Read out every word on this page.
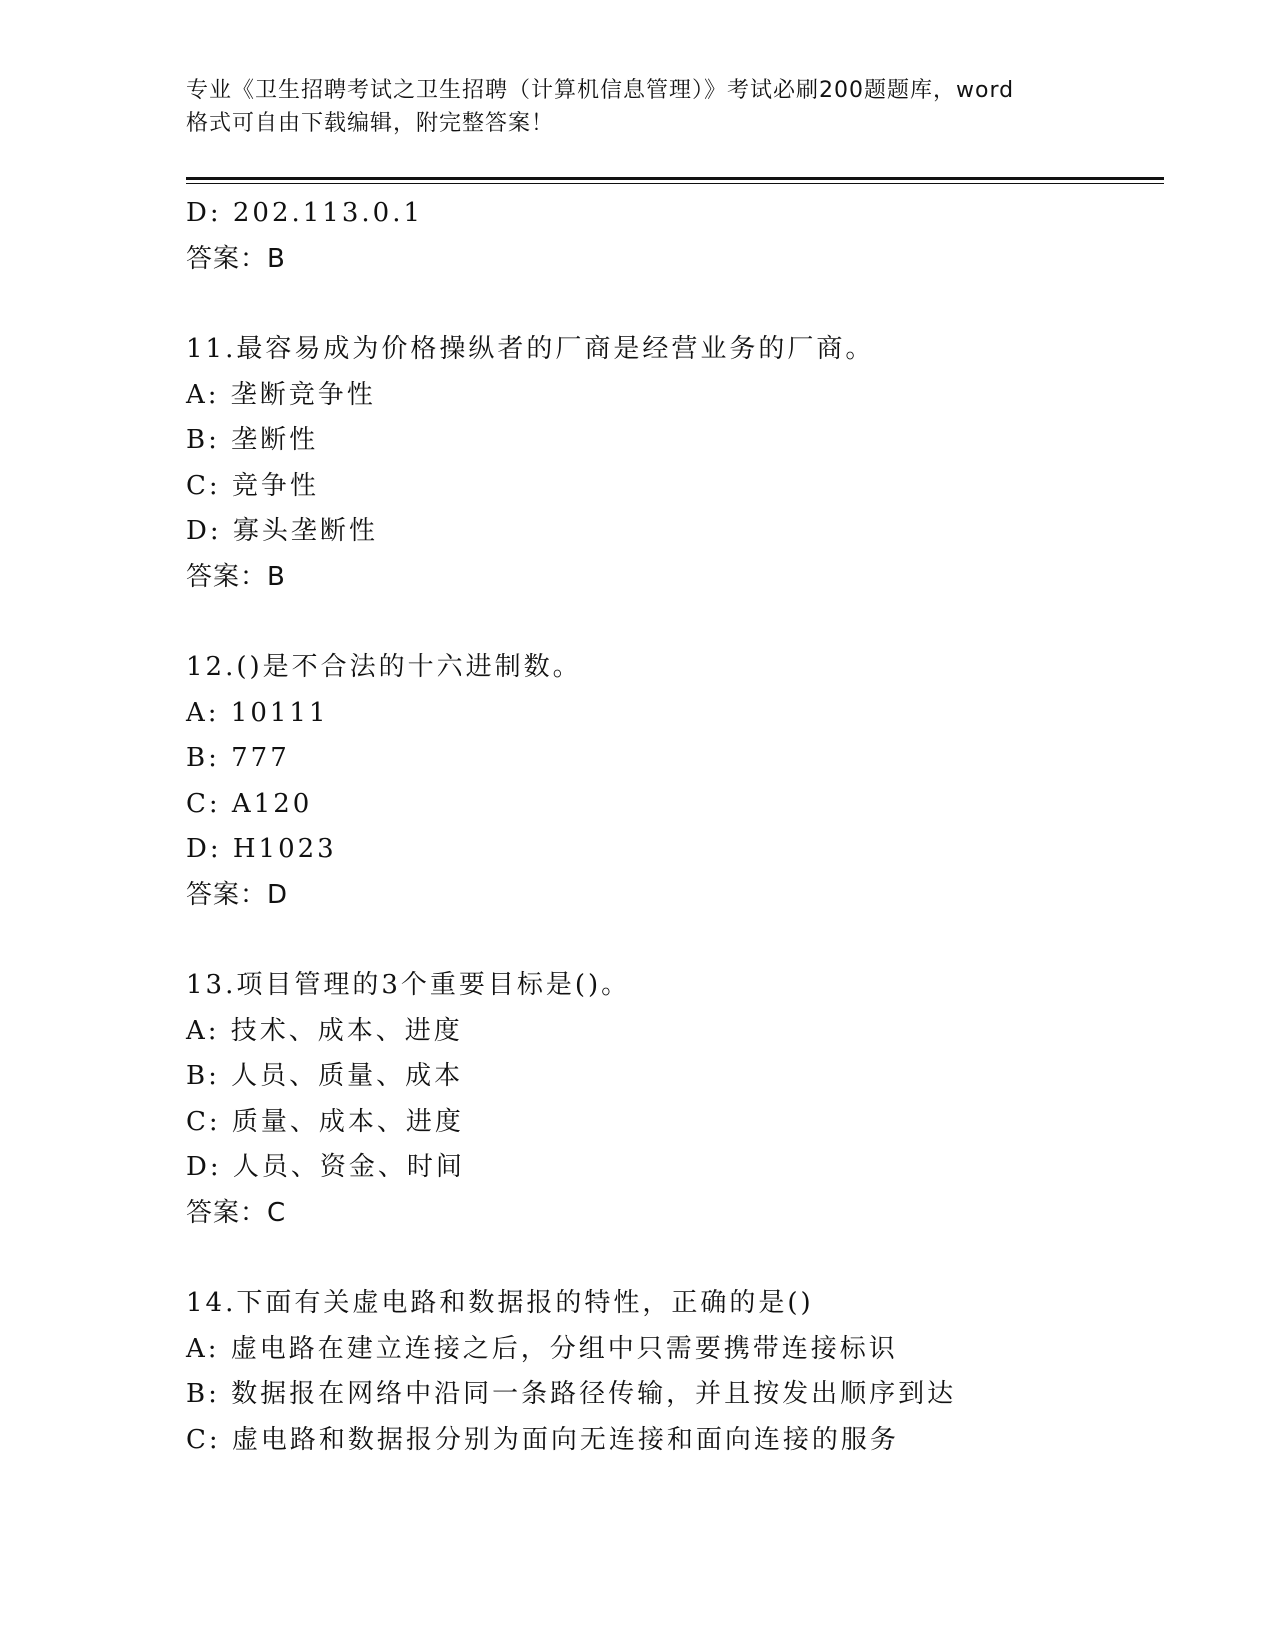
专业《卫生招聘考试之卫生招聘（计算机信息管理）》考试必刷200题题库，word
格式可自由下载编辑，附完整答案！
D: 202.113.0.1
答案：B
11.最容易成为价格操纵者的厂商是经营业务的厂商。
A: 垄断竞争性
B: 垄断性
C: 竞争性
D: 寡头垄断性
答案：B
12.()是不合法的十六进制数。
A: 10111
B: 777
C: A120
D: H1023
答案：D
13.项目管理的3个重要目标是()。
A: 技术、成本、进度
B: 人员、质量、成本
C: 质量、成本、进度
D: 人员、资金、时间
答案：C
14.下面有关虚电路和数据报的特性，正确的是()
A: 虚电路在建立连接之后，分组中只需要携带连接标识
B: 数据报在网络中沿同一条路径传输，并且按发出顺序到达
C: 虚电路和数据报分别为面向无连接和面向连接的服务
